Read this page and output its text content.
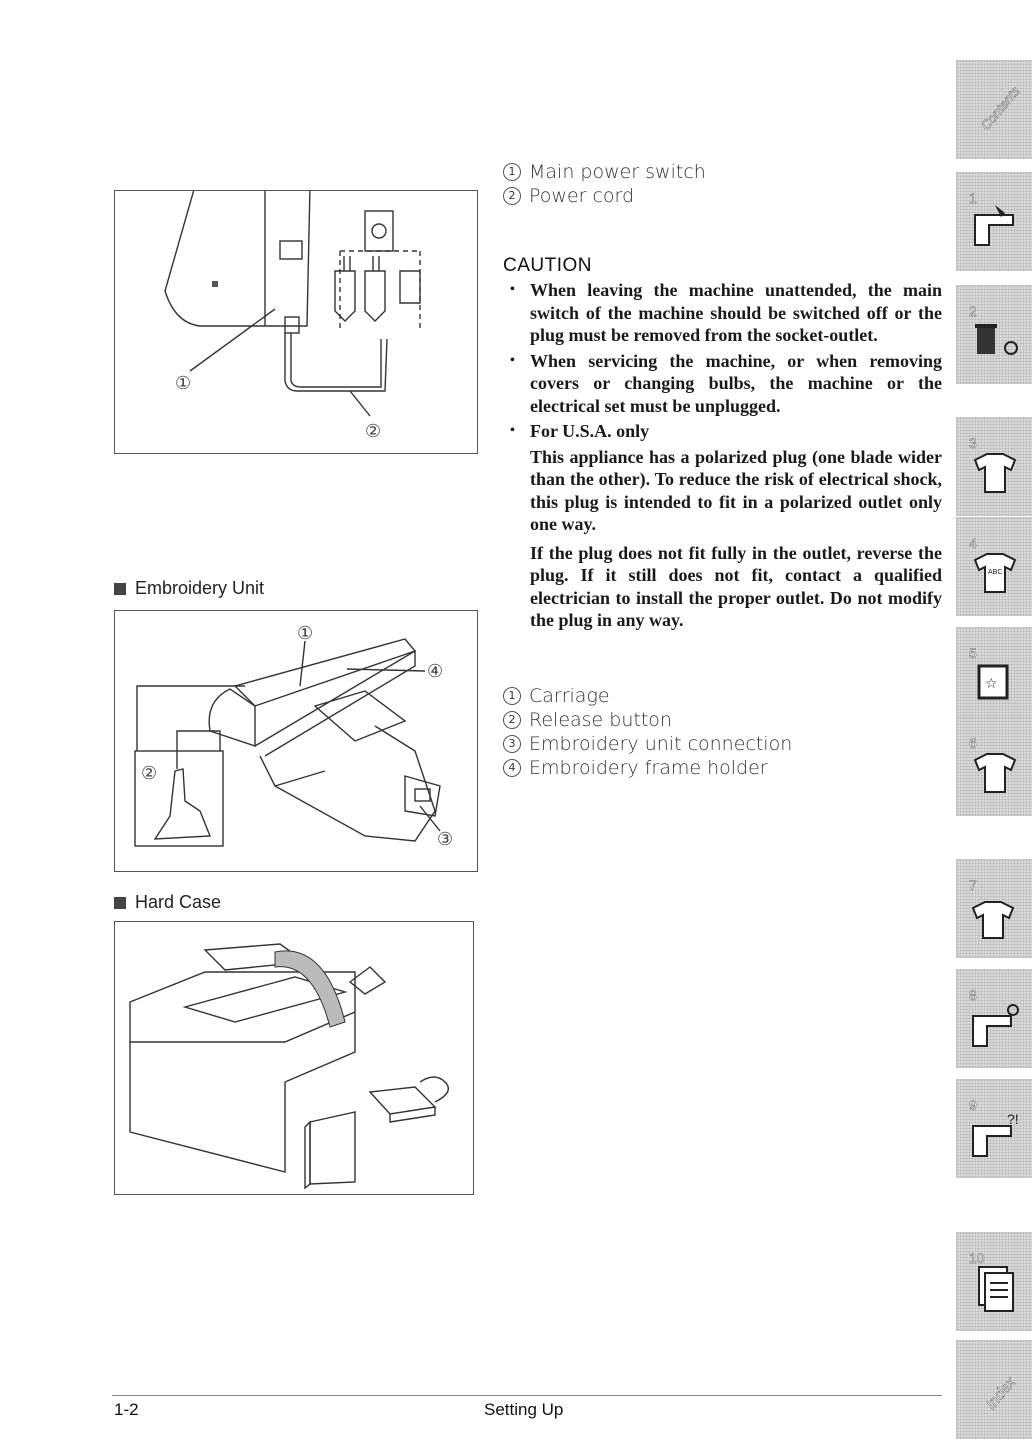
①
②
1 Main power switch
2 Power cord
CAUTION
• When leaving the machine unattended, the main switch of the machine should be switched off or the plug must be removed from the socket-outlet.
• When servicing the machine, or when removing covers or changing bulbs, the machine or the electrical set must be unplugged.
• For U.S.A. only

This appliance has a polarized plug (one blade wider than the other). To reduce the risk of electrical shock, this plug is intended to fit in a polarized outlet only one way.

If the plug does not fit fully in the outlet, reverse the plug. If it still does not fit, contact a qualified electrician to install the proper outlet. Do not modify the plug in any way.

Embroidery Unit
①
②
③
④
1 Carriage
2 Release button
3 Embroidery unit connection
4 Embroidery frame holder
Hard Case
1-2	Setting Up
Contents
1
2
3
4
ABC
5
☆
6
7
8
9
?!
10
Index
